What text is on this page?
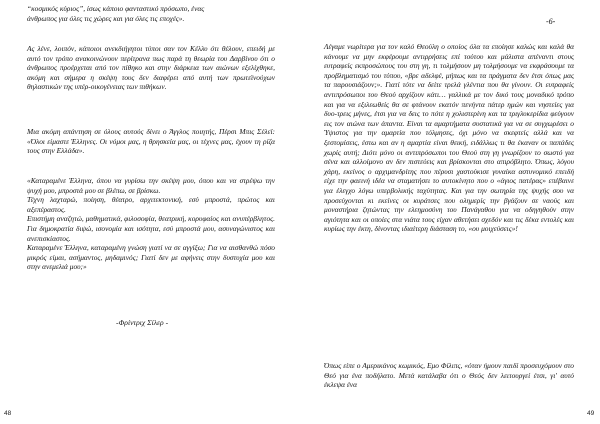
“κοσμικός κύριος”, ίσως κάποιο φανταστικό πρόσωπο, ένας
άνθρωπος για όλες τις χώρες και για όλες τις εποχές».

Ας λένε, λοιπόν, κάποιοι ανεκδιήγητοι τύποι σαν τον Κέλλυ ότι θέλουν, επειδή με αυτό τον τρόπο ανακοινώνουν περίτρανα πως παρά τη θεωρία του Δαρβίνου ότι ο άνθρωπος προέρχεται από τον πίθηκο και στην διάρκεια των αιώνων εξελίχθηκε, ακόμη και σήμερα η σκέψη τους δεν διαφέρει από αυτή των πρωτεϊνούχων θηλαστικών της υπέρ-οικογένειας των πιθήκων.

Μια ακόμη απάντηση σε όλους αυτούς δίνει ο Άγγλος ποιητής, Πέρσι Μπις Σέλεϊ: «Όλοι είμαστε Έλληνες. Οι νόμοι μας, η θρησκεία μας, οι τέχνες μας, έχουν τη ρίζα τους στην Ελλάδα».

«Καταραμένε Έλληνα, όπου να γυρίσω την σκέψη μου, όπου και να στρέψω την ψυχή μου, μπροστά μου σε βλέπω, σε βρίσκω.
Τέχνη λαχταρώ, ποίηση, θέατρο, αρχιτεκτονική, εσύ μπροστά, πρώτος και αξεπέραστος.
Επιστήμη αναζητώ, μαθηματικά, φιλοσοφία, θεατρική, κορυφαίος και ανυπέρβλητος. Για δημοκρατία διψώ, ισονομία και ισότητα, εσύ μπροστά μου, ασυναγώνιστος και ανεπισκίαστος.
Καταραμένε Έλληνα, καταραμένη γνώση γιατί να σε αγγίξω; Για να αισθανθώ πόσο μικρός είμαι, ασήμαντος, μηδαμινός; Γιατί δεν με αφήνεις στην δυστυχία μου και στην ανεμελιά μου;»
-Φρίντριχ Σίλερ -
48
-6-

Λέγαμε νωρίτερα για τον καλό Θεούλη ο οποίος όλα τα εποίησε καλώς και καλά θα κάνουμε να μην εκφέρουμε αντιρρήσεις επί τούτου και μάλιστα απέναντι στους ευτραφείς εκπροσώπους του στη γη, τι τολμήσουν μη τολμήσουμε να εκφράσουμε τα προβληματισμό του τύπου, «βρε αδελφέ, μήπως και τα πράγματα δεν έτσι όπως μας τα παρουσιάζουν;». Γιατί τότε να δείτε τρελά γλέντια που θα γίνουν. Οι ευτραφείς αντιπρόσωποι του Θεού αρχίζουν κάτι… γαλλικά με τον δικό τους μοναδικό τρόπο και για να εξιλεωθείς θα σε φτάνουν εκατόν πενήντα πάτερ ημών και νηστείες για δυο-τρεις μήνες, έτσι για να δεις το πότε η χολιστερίνη και τα τριγλυκερίδια φεύγουν εις τον αιώνα των άπαντα. Είναι τα αμαρτήματα συστατικά για να σε συγχωρέσει ο Ύψιστος για την αμαρτία που τόλμησες, όχι μόνο να σκεφτείς αλλά και να ξεστομίσεις, έστω και αν η αμαρτία είναι θεική, ειδάλλως τι θα έκαναν οι παπάδες χωρίς αυτή; Διότι μόνο οι αντιπρόσωποι του Θεού στη γη γνωρίζουν το σωστό για σένα και αλλοίμονο αν δεν πιστεύεις και βρίσκονται στο απιρόβλητο. Όπως, λόγου χάρη, εκείνος ο αρχιμανδρίτης που πέρυσι χαστούκισε γυναίκα αστυνομικό επειδή είχε την φαεινή ιδέα να σταματήσει το αυτοκίνητο που ο «άγιος πατέρας» επέβαινε για έλεγχο λόγω υπερβολικής ταχύτητας. Και για την σωτηρία της ψυχής σου να προσεύχονται κι εκείνες οι κυράτσες που ολημερίς την βγάζουν σε ναούς και μοναστήρια ζητώντας την ελεημοσύνη του Πανάγαθου για να οδηγηθούν στην αγιότητα και οι οποίες στα νιάτα τους είχαν αθετήσει σχεδόν και τις δέκα εντολές και κυρίως την έκτη, δίνοντας ιδιαίτερη διάσταση το, «ου μοιχεύσεις»!

Όπως είπε ο Αμερικάνος κωμικός, Εμο Φίλιπς, «όταν ήμουν παιδί προσευχόμουν στο Θεό για ένα ποδήλατο. Μετά κατάλαβα ότι ο Θεός δεν λειτουργεί έτσι, γι' αυτό έκλεψα ένα

49
